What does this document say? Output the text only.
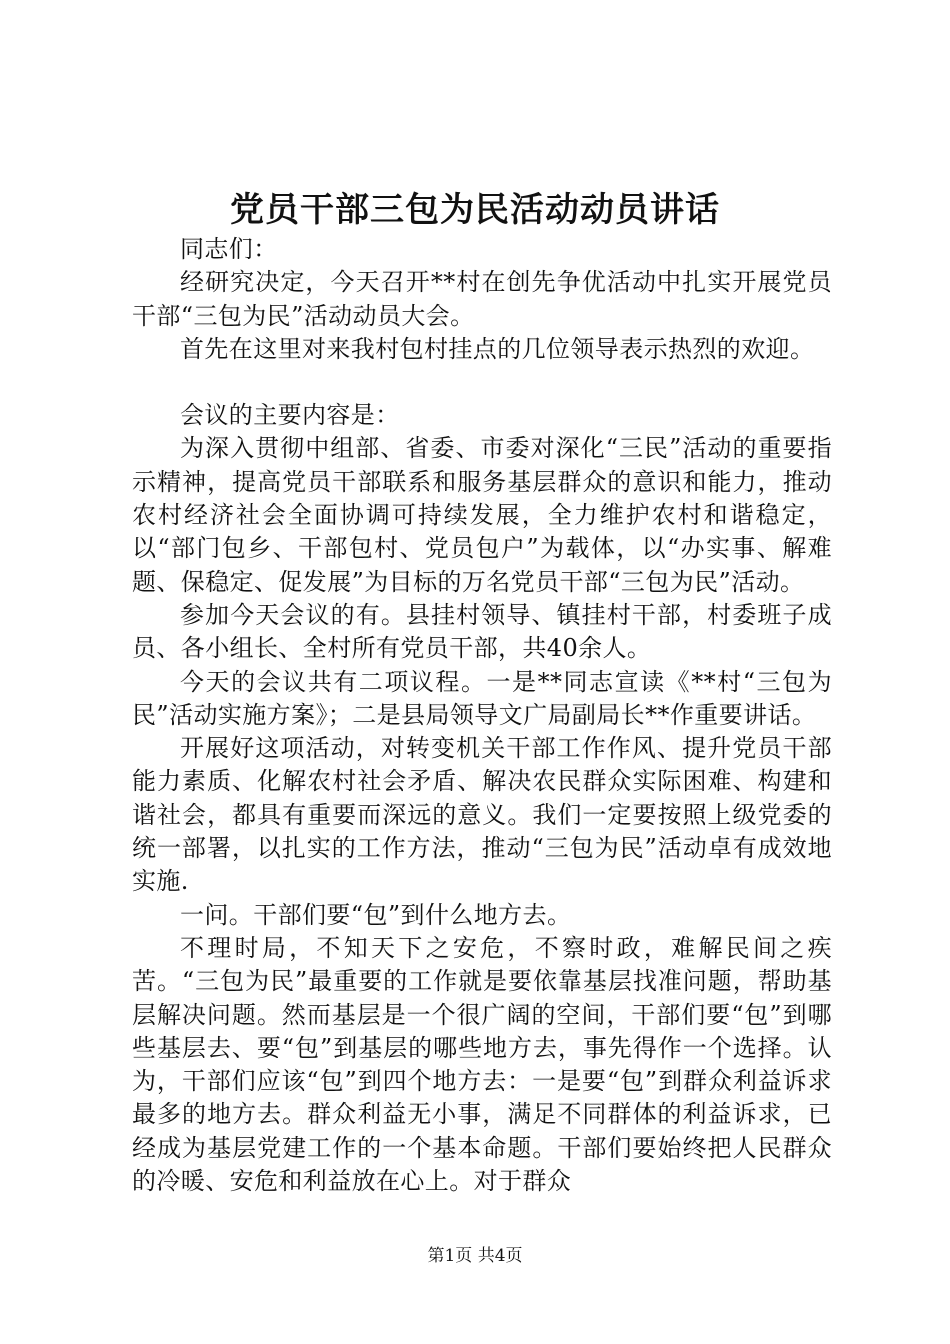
党员干部三包为民活动动员讲话

同志们：

经研究决定，今天召开**村在创先争优活动中扎实开展党员干部“三包为民”活动动员大会。

首先在这里对来我村包村挂点的几位领导表示热烈的欢迎。

会议的主要内容是：

为深入贯彻中组部、省委、市委对深化“三民”活动的重要指示精神，提高党员干部联系和服务基层群众的意识和能力，推动农村经济社会全面协调可持续发展，全力维护农村和谐稳定，以“部门包乡、干部包村、党员包户”为载体，以“办实事、解难题、保稳定、促发展”为目标的万名党员干部“三包为民”活动。

参加今天会议的有。县挂村领导、镇挂村干部，村委班子成员、各小组长、全村所有党员干部，共40余人。

今天的会议共有二项议程。一是**同志宣读《**村“三包为民”活动实施方案》；二是县局领导文广局副局长**作重要讲话。

开展好这项活动，对转变机关干部工作作风、提升党员干部能力素质、化解农村社会矛盾、解决农民群众实际困难、构建和谐社会，都具有重要而深远的意义。我们一定要按照上级党委的统一部署，以扎实的工作方法，推动“三包为民”活动卓有成效地实施.

一问。干部们要“包”到什么地方去。

不理时局，不知天下之安危，不察时政，难解民间之疾苦。“三包为民”最重要的工作就是要依靠基层找准问题，帮助基层解决问题。然而基层是一个很广阔的空间，干部们要“包”到哪些基层去、要“包”到基层的哪些地方去，事先得作一个选择。认为，干部们应该“包”到四个地方去：一是要“包”到群众利益诉求最多的地方去。群众利益无小事，满足不同群体的利益诉求，已经成为基层党建工作的一个基本命题。干部们要始终把人民群众的冷暖、安危和利益放在心上。对于群众

第1页 共4页
